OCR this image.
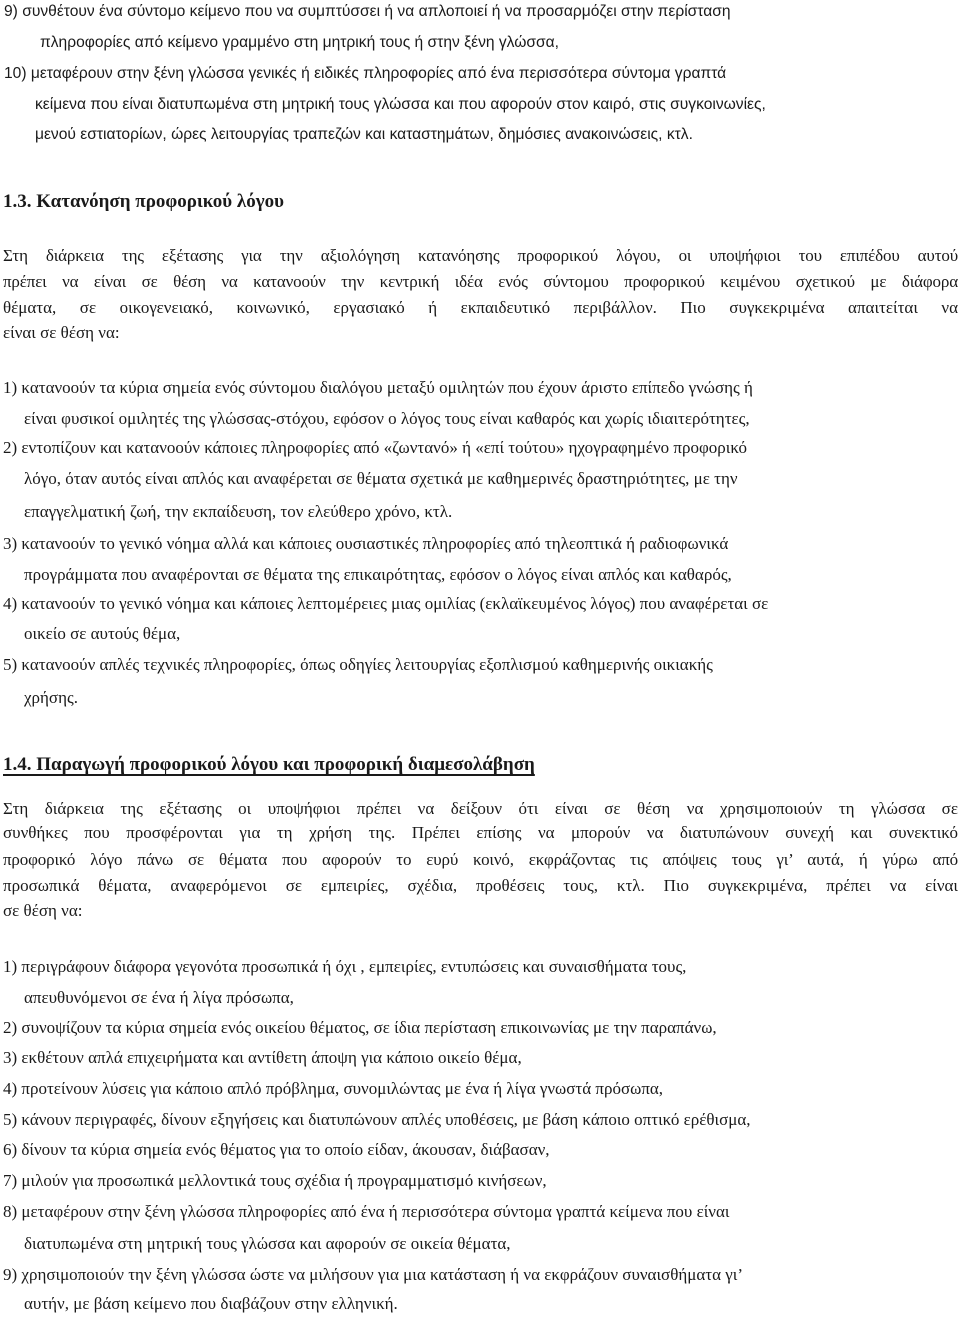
9) συνθέτουν ένα σύντομο κείμενο που να συμπτύσσει ή να απλοποιεί ή να προσαρμόζει στην περίσταση
πληροφορίες από κείμενο γραμμένο στη μητρική τους ή στην ξένη γλώσσα,
10) μεταφέρουν στην ξένη γλώσσα γενικές ή ειδικές πληροφορίες από ένα περισσότερα σύντομα γραπτά
κείμενα που είναι διατυπωμένα στη μητρική τους γλώσσα και που αφορούν στον καιρό, στις συγκοινωνίες,
μενού εστιατορίων, ώρες λειτουργίας τραπεζών και καταστημάτων, δημόσιες ανακοινώσεις, κτλ.
1.3. Κατανόηση προφορικού λόγου
Στη διάρκεια της εξέτασης για την αξιολόγηση κατανόησης προφορικού λόγου, οι υποψήφιοι του επιπέδου αυτού
πρέπει να είναι σε θέση να κατανοούν την κεντρική ιδέα ενός σύντομου προφορικού κειμένου σχετικού με διάφορα
θέματα, σε οικογενειακό, κοινωνικό, εργασιακό ή εκπαιδευτικό περιβάλλον. Πιο συγκεκριμένα απαιτείται να
είναι σε θέση να:
1) κατανοούν τα κύρια σημεία ενός σύντομου διαλόγου μεταξύ ομιλητών που έχουν άριστο επίπεδο γνώσης ή
είναι φυσικοί ομιλητές της γλώσσας-στόχου, εφόσον ο λόγος τους είναι καθαρός και χωρίς ιδιαιτερότητες,
2) εντοπίζουν και κατανοούν κάποιες πληροφορίες από «ζωντανό» ή «επί τούτου» ηχογραφημένο προφορικό
λόγο, όταν αυτός είναι απλός και αναφέρεται σε θέματα σχετικά με καθημερινές δραστηριότητες, με την
επαγγελματική ζωή, την εκπαίδευση, τον ελεύθερο χρόνο, κτλ.
3) κατανοούν το γενικό νόημα αλλά και κάποιες ουσιαστικές πληροφορίες από τηλεοπτικά ή ραδιοφωνικά
προγράμματα που αναφέρονται σε θέματα της επικαιρότητας, εφόσον ο λόγος είναι απλός και καθαρός,
4) κατανοούν το γενικό νόημα και κάποιες λεπτομέρειες μιας ομιλίας (εκλαϊκευμένος λόγος) που αναφέρεται σε
οικείο σε αυτούς θέμα,
5) κατανοούν απλές τεχνικές πληροφορίες, όπως οδηγίες λειτουργίας εξοπλισμού καθημερινής οικιακής
χρήσης.
1.4. Παραγωγή προφορικού λόγου και προφορική διαμεσολάβηση
Στη διάρκεια της εξέτασης οι υποψήφιοι πρέπει να δείξουν ότι είναι σε θέση να χρησιμοποιούν τη γλώσσα σε
συνθήκες που προσφέρονται για τη χρήση της. Πρέπει επίσης να μπορούν να διατυπώνουν συνεχή και συνεκτικό
προφορικό λόγο πάνω σε θέματα που αφορούν το ευρύ κοινό, εκφράζοντας τις απόψεις τους γι’ αυτά, ή γύρω από
προσωπικά θέματα, αναφερόμενοι σε εμπειρίες, σχέδια, προθέσεις τους, κτλ. Πιο συγκεκριμένα, πρέπει να είναι
σε θέση να:
1) περιγράφουν διάφορα γεγονότα προσωπικά ή όχι , εμπειρίες, εντυπώσεις και συναισθήματα τους,
απευθυνόμενοι σε ένα ή λίγα πρόσωπα,
2) συνοψίζουν τα κύρια σημεία ενός οικείου θέματος, σε ίδια περίσταση επικοινωνίας με την παραπάνω,
3) εκθέτουν απλά επιχειρήματα και αντίθετη άποψη για κάποιο οικείο θέμα,
4) προτείνουν λύσεις για κάποιο απλό πρόβλημα, συνομιλώντας με ένα ή λίγα γνωστά πρόσωπα,
5) κάνουν περιγραφές, δίνουν εξηγήσεις και διατυπώνουν απλές υποθέσεις, με βάση κάποιο οπτικό ερέθισμα,
6) δίνουν τα κύρια σημεία ενός θέματος για το οποίο είδαν, άκουσαν, διάβασαν,
7) μιλούν για προσωπικά μελλοντικά τους σχέδια ή προγραμματισμό κινήσεων,
8) μεταφέρουν στην ξένη γλώσσα πληροφορίες από ένα ή περισσότερα σύντομα γραπτά κείμενα που είναι
διατυπωμένα στη μητρική τους γλώσσα και αφορούν σε οικεία θέματα,
9) χρησιμοποιούν την ξένη γλώσσα ώστε να μιλήσουν για μια κατάσταση ή να εκφράζουν συναισθήματα γι’
αυτήν, με βάση κείμενο που διαβάζουν στην ελληνική.
